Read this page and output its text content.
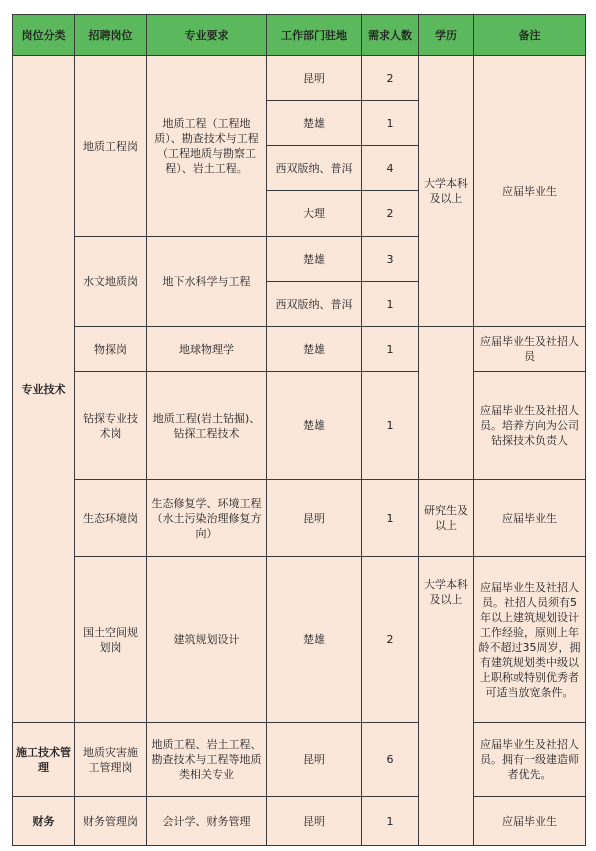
岗位分类	招聘岗位	专业要求	工作部门驻地	需求人数	学历	备注
专业技术	地质工程岗	地质工程（工程地质）、勘查技术与工程（工程地质与勘察工程）、岩土工程。	昆明	2	大学本科及以上	应届毕业生
			楚雄	1		
			西双版纳、普洱	4		
			大理	2		
	水文地质岗	地下水科学与工程	楚雄	3		
			西双版纳、普洱	1		
	物探岗	地球物理学	楚雄	1		应届毕业生及社招人员
	钻探专业技术岗	地质工程(岩土钻掘)、钻探工程技术	楚雄	1		应届毕业生及社招人员。培养方向为公司钻探技术负责人
	生态环境岗	生态修复学、环境工程（水土污染治理修复方向）	昆明	1	研究生及以上	应届毕业生
	国土空间规划岗	建筑规划设计	楚雄	2	大学本科及以上	应届毕业生及社招人员。社招人员须有5年以上建筑规划设计工作经验，原则上年龄不超过35周岁，拥有建筑规划类中级以上职称或特别优秀者可适当放宽条件。
施工技术管理	地质灾害施工管理岗	地质工程、岩土工程、勘查技术与工程等地质类相关专业	昆明	6		应届毕业生及社招人员。拥有一级建造师者优先。
财务	财务管理岗	会计学、财务管理	昆明	1		应届毕业生
